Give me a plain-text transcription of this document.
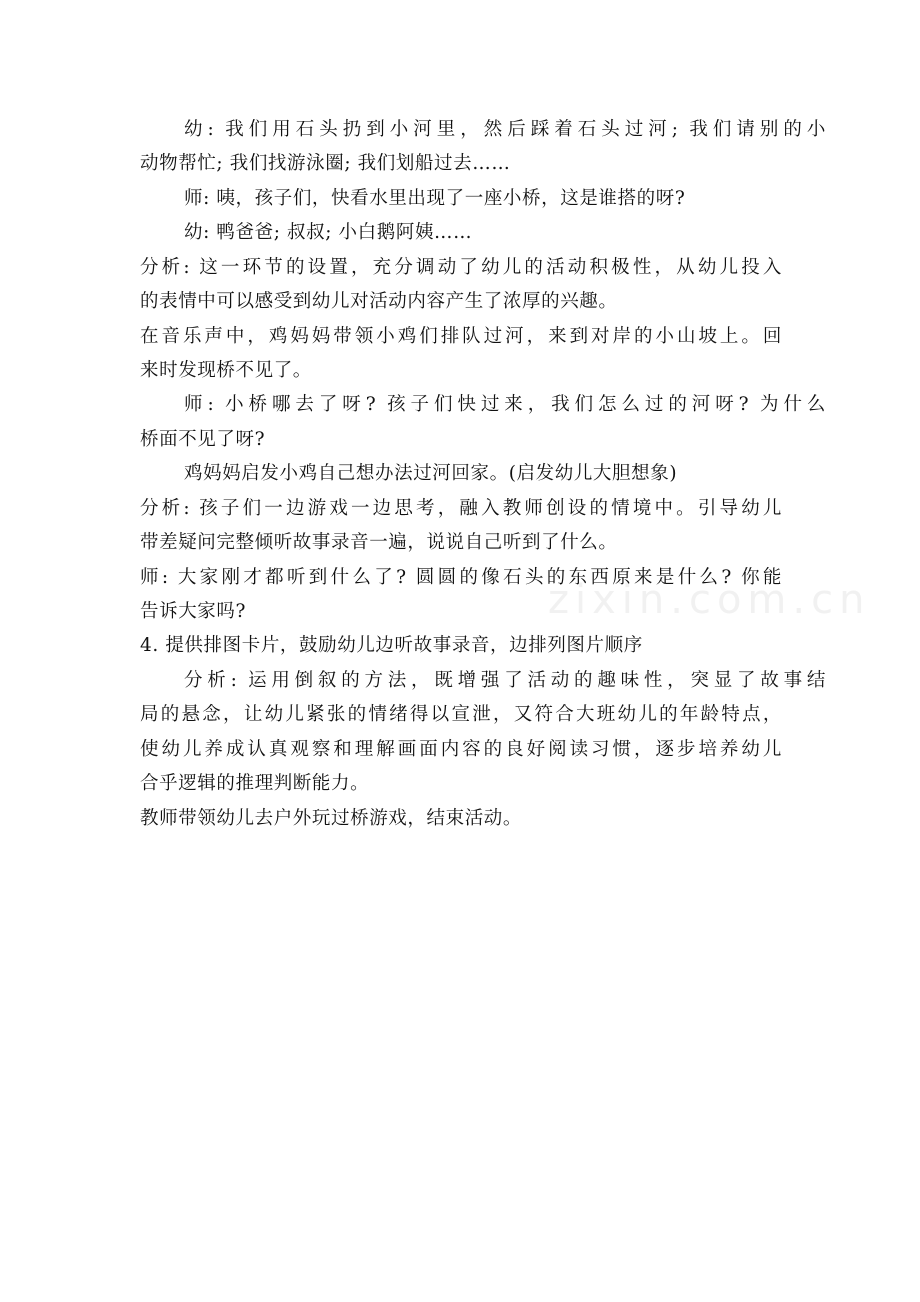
zixin.com.cn
幼: 我们用石头扔到小河里，然后踩着石头过河; 我们请别的小
动物帮忙; 我们找游泳圈; 我们划船过去……
师: 咦，孩子们，快看水里出现了一座小桥，这是谁搭的呀?
幼: 鸭爸爸; 叔叔; 小白鹅阿姨……
分析: 这一环节的设置，充分调动了幼儿的活动积极性，从幼儿投入
的表情中可以感受到幼儿对活动内容产生了浓厚的兴趣。
在音乐声中，鸡妈妈带领小鸡们排队过河，来到对岸的小山坡上。回
来时发现桥不见了。
师: 小桥哪去了呀? 孩子们快过来，我们怎么过的河呀? 为什么
桥面不见了呀?
鸡妈妈启发小鸡自己想办法过河回家。(启发幼儿大胆想象)
分析: 孩子们一边游戏一边思考，融入教师创设的情境中。引导幼儿
带差疑问完整倾听故事录音一遍，说说自己听到了什么。
师: 大家刚才都听到什么了? 圆圆的像石头的东西原来是什么? 你能
告诉大家吗?
4. 提供排图卡片，鼓励幼儿边听故事录音，边排列图片顺序
分析: 运用倒叙的方法，既增强了活动的趣味性，突显了故事结
局的悬念，让幼儿紧张的情绪得以宣泄，又符合大班幼儿的年龄特点，
使幼儿养成认真观察和理解画面内容的良好阅读习惯，逐步培养幼儿
合乎逻辑的推理判断能力。
教师带领幼儿去户外玩过桥游戏，结束活动。
